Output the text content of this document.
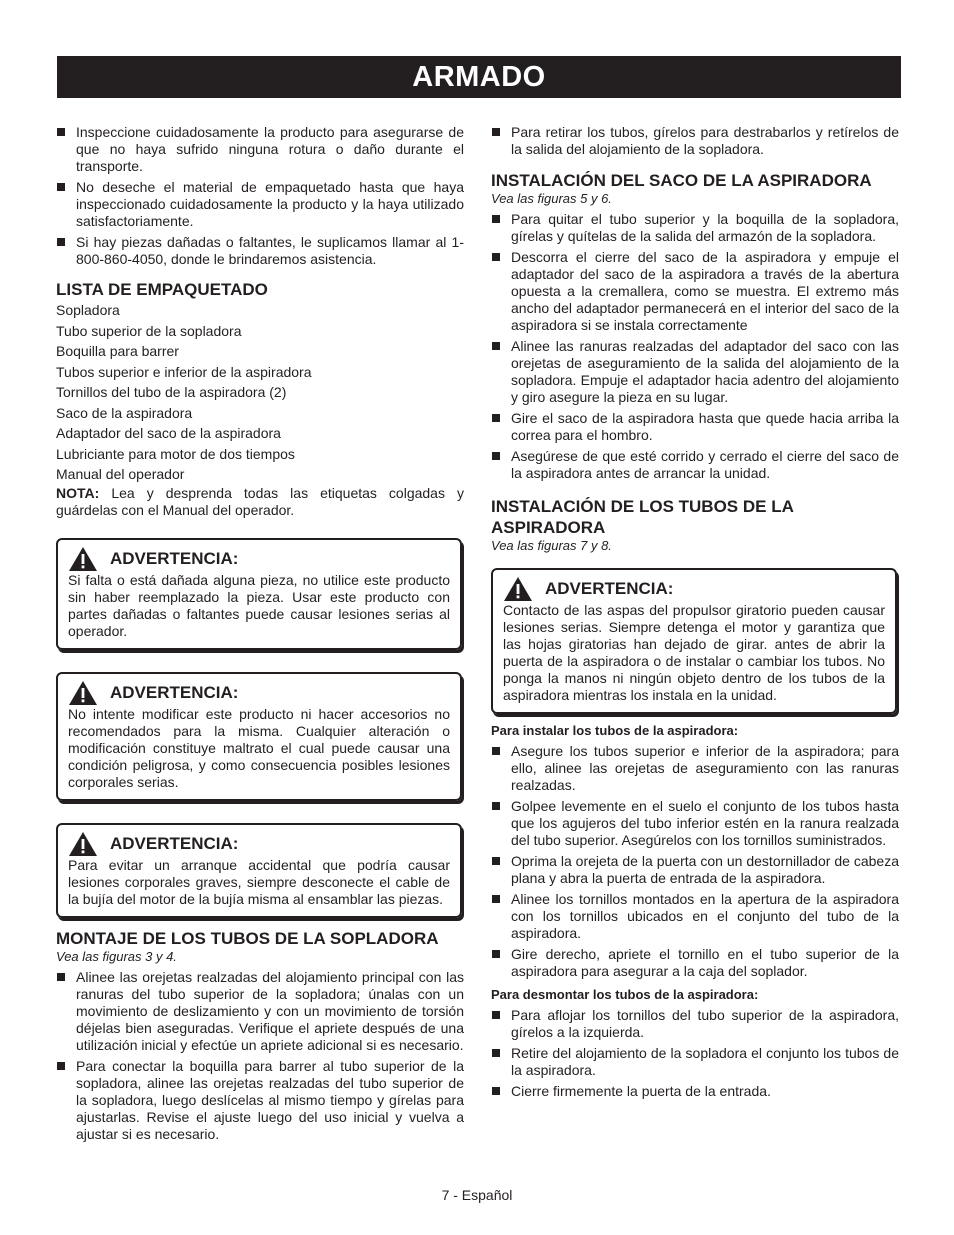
ARMADO
Inspeccione cuidadosamente la producto para asegurarse de que no haya sufrido ninguna rotura o daño durante el transporte.
No deseche el material de empaquetado hasta que haya inspeccionado cuidadosamente la producto y la haya utilizado satisfactoriamente.
Si hay piezas dañadas o faltantes, le suplicamos llamar al 1-800-860-4050, donde le brindaremos asistencia.
LISTA DE EMPAQUETADO
Sopladora
Tubo superior de la sopladora
Boquilla para barrer
Tubos superior e inferior de la aspiradora
Tornillos del tubo de la aspiradora (2)
Saco de la aspiradora
Adaptador del saco de la aspiradora
Lubriciante para motor de dos tiempos
Manual del operador
NOTA: Lea y desprenda todas las etiquetas colgadas y guárdelas con el Manual del operador.
ADVERTENCIA:
Si falta o está dañada alguna pieza, no utilice este producto sin haber reemplazado la pieza. Usar este producto con partes dañadas o faltantes puede causar lesiones serias al operador.
ADVERTENCIA:
No intente modificar este producto ni hacer accesorios no recomendados para la misma. Cualquier alteración o modificación constituye maltrato el cual puede causar una condición peligrosa, y como consecuencia posibles lesiones corporales serias.
ADVERTENCIA:
Para evitar un arranque accidental que podría causar lesiones corporales graves, siempre desconecte el cable de la bujía del motor de la bujía misma al ensamblar las piezas.
MONTAJE DE LOS TUBOS DE LA SOPLADORA
Vea las figuras 3 y 4.
Alinee las orejetas realzadas del alojamiento principal con las ranuras del tubo superior de la sopladora; únalas con un movimiento de deslizamiento y con un movimiento de torsión déjelas bien aseguradas. Verifique el apriete después de una utilización inicial y efectúe un apriete adicional si es necesario.
Para conectar la boquilla para barrer al tubo superior de la sopladora, alinee las orejetas realzadas del tubo superior de la sopladora, luego deslícelas al mismo tiempo y gírelas para ajustarlas. Revise el ajuste luego del uso inicial y vuelva a ajustar si es necesario.
Para retirar los tubos, gírelos para destrabarlos y retírelos de la salida del alojamiento de la sopladora.
INSTALACIÓN DEL SACO DE LA ASPIRADORA
Vea las figuras 5 y 6.
Para quitar el tubo superior y la boquilla de la sopladora, gírelas y quítelas de la salida del armazón de la sopladora.
Descorra el cierre del saco de la aspiradora y empuje el adaptador del saco de la aspiradora a través de la abertura opuesta a la cremallera, como se muestra. El extremo más ancho del adaptador permanecerá en el interior del saco de la aspiradora si se instala correctamente
Alinee las ranuras realzadas del adaptador del saco con las orejetas de aseguramiento de la salida del alojamiento de la sopladora. Empuje el adaptador hacia adentro del alojamiento y giro asegure la pieza en su lugar.
Gire el saco de la aspiradora hasta que quede hacia arriba la correa para el hombro.
Asegúrese de que esté corrido y cerrado el cierre del saco de la aspiradora antes de arrancar la unidad.
INSTALACIÓN DE LOS TUBOS DE LA ASPIRADORA
Vea las figuras 7 y 8.
ADVERTENCIA:
Contacto de las aspas del propulsor giratorio pueden causar lesiones serias. Siempre detenga el motor y garantiza que las hojas giratorias han dejado de girar. antes de abrir la puerta de la aspiradora o de instalar o cambiar los tubos. No ponga la manos ni ningún objeto dentro de los tubos de la aspiradora mientras los instala en la unidad.
Para instalar los tubos de la aspiradora:
Asegure los tubos superior e inferior de la aspiradora; para ello, alinee las orejetas de aseguramiento con las ranuras realzadas.
Golpee levemente en el suelo el conjunto de los tubos hasta que los agujeros del tubo inferior estén en la ranura realzada del tubo superior. Asegúrelos con los tornillos suministrados.
Oprima la orejeta de la puerta con un destornillador de cabeza plana y abra la puerta de entrada de la aspiradora.
Alinee los tornillos montados en la apertura de la aspiradora con los tornillos ubicados en el conjunto del tubo de la aspiradora.
Gire derecho, apriete el tornillo en el tubo superior de la aspiradora para asegurar a la caja del soplador.
Para desmontar los tubos de la aspiradora:
Para aflojar los tornillos del tubo superior de la aspiradora, gírelos a la izquierda.
Retire del alojamiento de la sopladora el conjunto los tubos de la aspiradora.
Cierre firmemente la puerta de la entrada.
7 - Español
